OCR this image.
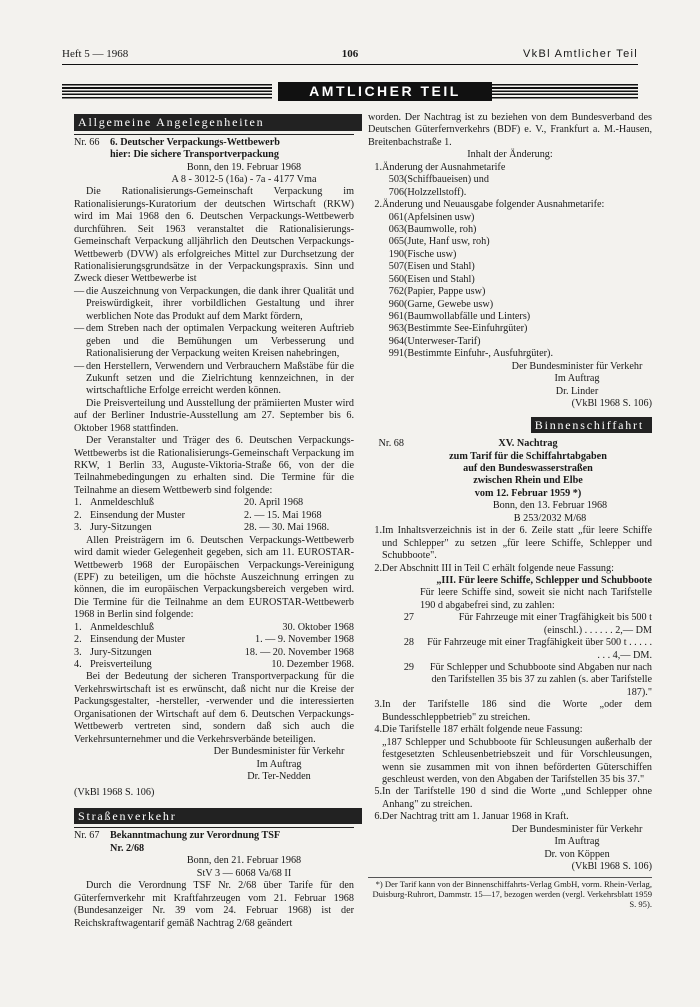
Heft 5 — 1968	106	VkBl Amtlicher Teil
AMTLICHER TEIL
Allgemeine Angelegenheiten
Nr. 66	6. Deutscher Verpackungs-Wettbewerb
hier: Die sichere Transportverpackung
Bonn, den 19. Februar 1968
A 8 - 3012-5 (16a) - 7a - 4177 Vma

Die Rationalisierungs-Gemeinschaft Verpackung im Rationalisierungs-Kuratorium der deutschen Wirtschaft (RKW) wird im Mai 1968 den 6. Deutschen Verpackungs-Wettbewerb durchführen. Seit 1963 veranstaltet die Rationalisierungs-Gemeinschaft Verpackung alljährlich den Deutschen Verpackungs-Wettbewerb (DVW) als erfolgreiches Mittel zur Durchsetzung der Rationalisierungsgrundsätze in der Verpackungspraxis. Sinn und Zweck dieser Wettbewerbe ist

— die Auszeichnung von Verpackungen, die dank ihrer Qualität und Preiswürdigkeit, ihrer vorbildlichen Gestaltung und ihrer werblichen Note das Produkt auf dem Markt fördern,
— dem Streben nach der optimalen Verpackung weiteren Auftrieb geben und die Bemühungen um Verbesserung und Rationalisierung der Verpackung weiten Kreisen nahebringen,
— den Herstellern, Verwendern und Verbrauchern Maßstäbe für die Zukunft setzen und die Zielrichtung kennzeichnen, in der wirtschaftliche Erfolge erreicht werden können.

Die Preisverteilung und Ausstellung der prämiierten Muster wird auf der Berliner Industrie-Ausstellung am 27. September bis 6. Oktober 1968 stattfinden.

Der Veranstalter und Träger des 6. Deutschen Verpackungs-Wettbewerbs ist die Rationalisierungs-Gemeinschaft Verpackung im RKW, 1 Berlin 33, Auguste-Viktoria-Straße 66, von der die Teilnahmebedingungen zu erhalten sind. Die Termine für die Teilnahme an diesem Wettbewerb sind folgende:

1. Anmeldeschluß	20. April 1968
2. Einsendung der Muster	2. — 15. Mai 1968
3. Jury-Sitzungen	28. — 30. Mai 1968.

Allen Preisträgern im 6. Deutschen Verpackungs-Wettbewerb wird damit wieder Gelegenheit gegeben, sich am 11. EUROSTAR-Wettbewerb 1968 der Europäischen Verpackungs-Vereinigung (EPF) zu beteiligen, um die höchste Auszeichnung erringen zu können, die im europäischen Verpackungsbereich vergeben wird. Die Termine für die Teilnahme an dem EUROSTAR-Wettbewerb 1968 in Berlin sind folgende:

1. Anmeldeschluß	30. Oktober 1968
2. Einsendung der Muster	1. — 9. November 1968
3. Jury-Sitzungen	18. — 20. November 1968
4. Preisverteilung	10. Dezember 1968.

Bei der Bedeutung der sicheren Transportverpackung für die Verkehrswirtschaft ist es erwünscht, daß nicht nur die Kreise der Packungsgestalter, -hersteller, -verwender und die interessierten Organisationen der Wirtschaft auf dem 6. Deutschen Verpackungs-Wettbewerb vertreten sind, sondern daß sich auch die Verkehrsunternehmer und die Verkehrsverbände beteiligen.

Der Bundesminister für Verkehr
Im Auftrag
Dr. Ter-Nedden
(VkBl 1968 S. 106)
Straßenverkehr
Nr. 67	Bekanntmachung zur Verordnung TSF
Nr. 2/68
Bonn, den 21. Februar 1968
StV 3 — 6068 Va/68 II

Durch die Verordnung TSF Nr. 2/68 über Tarife für den Güterfernverkehr mit Kraftfahrzeugen vom 21. Februar 1968 (Bundesanzeiger Nr. 39 vom 24. Februar 1968) ist der Reichskraftwagentarif gemäß Nachtrag 2/68 geändert

worden. Der Nachtrag ist zu beziehen von dem Bundesverband des Deutschen Güterfernverkehrs (BDF) e. V., Frankfurt a. M.-Hausen, Breitenbachstraße 1.

Inhalt der Änderung:
1. Änderung der Ausnahmetarife
503 (Schiffbaueisen) und
706 (Holzzellstoff).
2. Änderung und Neuausgabe folgender Ausnahmetarife:
061 (Apfelsinen usw)
063 (Baumwolle, roh)
065 (Jute, Hanf usw, roh)
190 (Fische usw)
507 (Eisen und Stahl)
560 (Eisen und Stahl)
762 (Papier, Pappe usw)
960 (Garne, Gewebe usw)
961 (Baumwollabfälle und Linters)
963 (Bestimmte See-Einfuhrgüter)
964 (Unterweser-Tarif)
991 (Bestimmte Einfuhr-, Ausfuhrgüter).
Der Bundesminister für Verkehr
Im Auftrag
Dr. Linder
(VkBl 1968 S. 106)
Binnenschiffahrt
Nr. 68	XV. Nachtrag
zum Tarif für die Schiffahrtabgaben
auf den Bundeswasserstraßen
zwischen Rhein und Elbe
vom 12. Februar 1959 *)
Bonn, den 13. Februar 1968
B 253/2032 M/68
1. Im Inhaltsverzeichnis ist in der 6. Zeile statt „für leere Schiffe und Schlepper" zu setzen „für leere Schiffe, Schlepper und Schubboote".
2. Der Abschnitt III in Teil C erhält folgende neue Fassung:
„III. Für leere Schiffe, Schlepper und Schubboote

Für leere Schiffe sind, soweit sie nicht nach Tarifstelle 190 d abgabefrei sind, zu zahlen:

27	Für Fahrzeuge mit einer Tragfähigkeit bis 500 t (einschl.) . . . . . . 2,— DM
28	Für Fahrzeuge mit einer Tragfähigkeit über 500 t . . . . . . . . 4,— DM.
29	Für Schlepper und Schubboote sind Abgaben nur nach den Tarifstellen 35 bis 37 zu zahlen (s. aber Tarifstelle 187)."
3. In der Tarifstelle 186 sind die Worte „oder dem Bundesschleppbetrieb" zu streichen.
4. Die Tarifstelle 187 erhält folgende neue Fassung:

„187 Schlepper und Schubboote für Schleusungen außerhalb der festgesetzten Schleusenbetriebszeit und für Vorschleusungen, wenn sie zusammen mit von ihnen beförderten Güterschiffen geschleust werden, von den Abgaben der Tarifstellen 35 bis 37."

5. In der Tarifstelle 190 d sind die Worte „und Schlepper ohne Anhang" zu streichen.
6. Der Nachtrag tritt am 1. Januar 1968 in Kraft.
Der Bundesminister für Verkehr
Im Auftrag
Dr. von Köppen
(VkBl 1968 S. 106)
*) Der Tarif kann von der Binnenschiffahrts-Verlag GmbH, vorm. Rhein-Verlag, Duisburg-Ruhrort, Dammstr. 15—17, bezogen werden (vergl. Verkehrsblatt 1959 S. 95).
